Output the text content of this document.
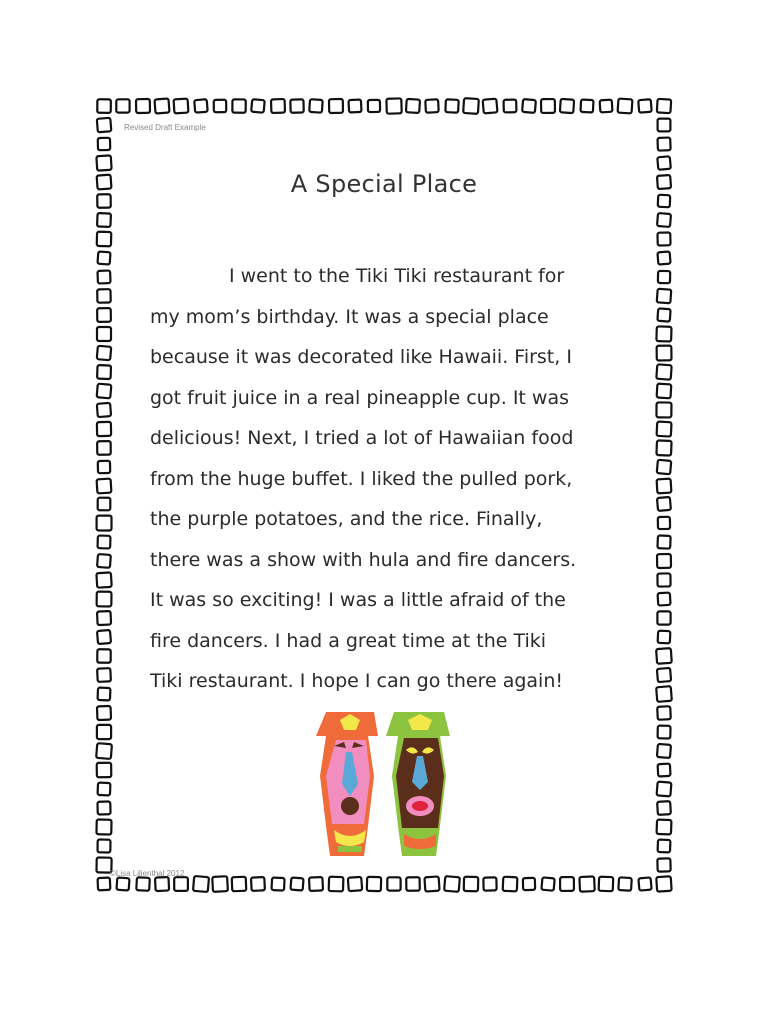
Revised Draft Example
A Special Place
I went to the Tiki Tiki restaurant for
my mom’s birthday. It was a special place
because it was decorated like Hawaii. First, I
got fruit juice in a real pineapple cup. It was
delicious! Next, I tried a lot of Hawaiian food
from the huge buffet. I liked the pulled pork,
the purple potatoes, and the rice. Finally,
there was a show with hula and fire dancers.
It was so exciting! I was a little afraid of the
fire dancers. I had a great time at the Tiki
Tiki restaurant. I hope I can go there again!
©Lisa Lilienthal 2012
